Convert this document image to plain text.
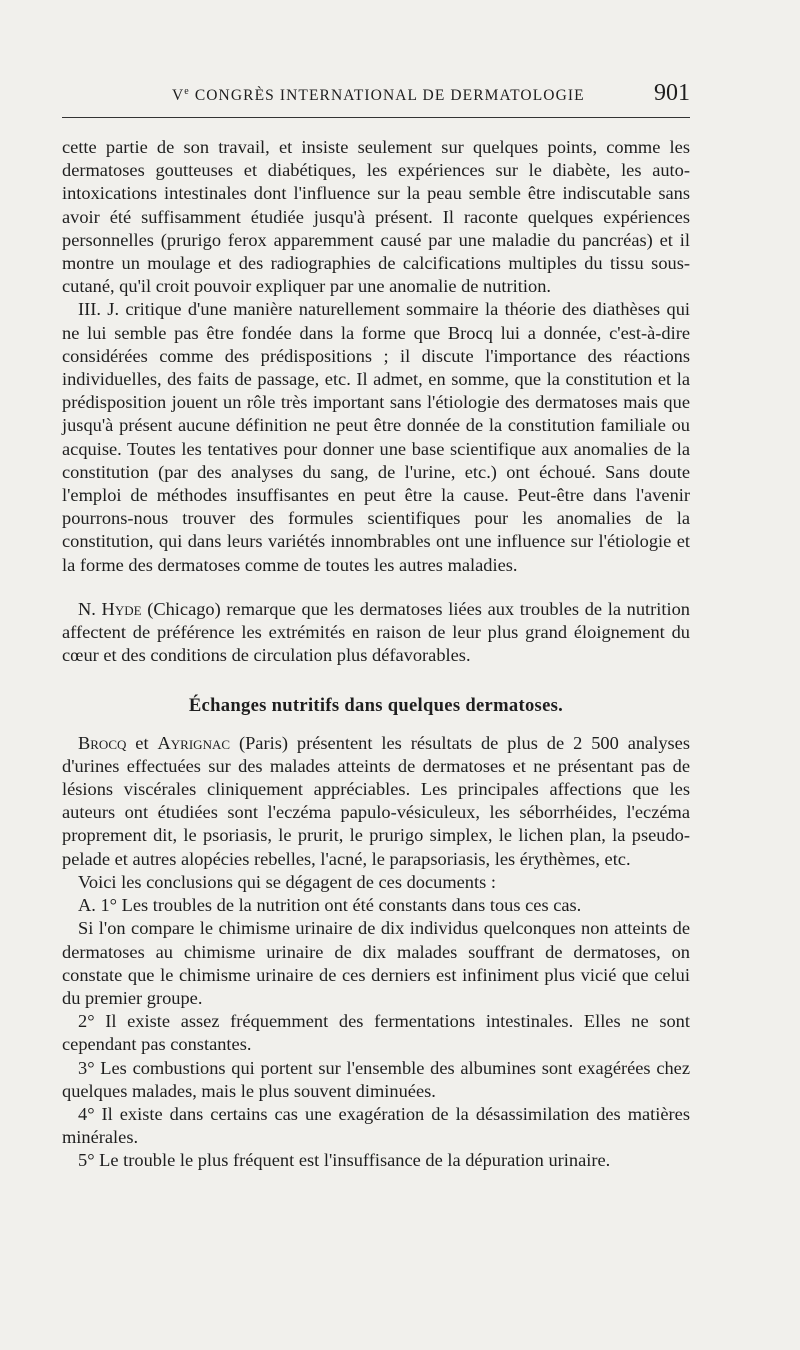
Ve CONGRÈS INTERNATIONAL DE DERMATOLOGIE	901

cette partie de son travail, et insiste seulement sur quelques points, comme les dermatoses goutteuses et diabétiques, les expériences sur le diabète, les auto-intoxications intestinales dont l'influence sur la peau semble être indiscutable sans avoir été suffisamment étudiée jusqu'à présent. Il raconte quelques expériences personnelles (prurigo ferox apparemment causé par une maladie du pancréas) et il montre un moulage et des radiographies de calcifications multiples du tissu sous-cutané, qu'il croit pouvoir expliquer par une anomalie de nutrition.

III. J. critique d'une manière naturellement sommaire la théorie des diathèses qui ne lui semble pas être fondée dans la forme que Brocq lui a donnée, c'est-à-dire considérées comme des prédispositions ; il discute l'importance des réactions individuelles, des faits de passage, etc. Il admet, en somme, que la constitution et la prédisposition jouent un rôle très important sans l'étiologie des dermatoses mais que jusqu'à présent aucune définition ne peut être donnée de la constitution familiale ou acquise. Toutes les tentatives pour donner une base scientifique aux anomalies de la constitution (par des analyses du sang, de l'urine, etc.) ont échoué. Sans doute l'emploi de méthodes insuffisantes en peut être la cause. Peut-être dans l'avenir pourrons-nous trouver des formules scientifiques pour les anomalies de la constitution, qui dans leurs variétés innombrables ont une influence sur l'étiologie et la forme des dermatoses comme de toutes les autres maladies.

N. Hyde (Chicago) remarque que les dermatoses liées aux troubles de la nutrition affectent de préférence les extrémités en raison de leur plus grand éloignement du cœur et des conditions de circulation plus défavorables.

Échanges nutritifs dans quelques dermatoses.

Brocq et Ayrignac (Paris) présentent les résultats de plus de 2 500 analyses d'urines effectuées sur des malades atteints de dermatoses et ne présentant pas de lésions viscérales cliniquement appréciables. Les principales affections que les auteurs ont étudiées sont l'eczéma papulo-vésiculeux, les séborrhéides, l'eczéma proprement dit, le psoriasis, le prurit, le prurigo simplex, le lichen plan, la pseudo-pelade et autres alopécies rebelles, l'acné, le parapsoriasis, les érythèmes, etc.

Voici les conclusions qui se dégagent de ces documents :

A. 1° Les troubles de la nutrition ont été constants dans tous ces cas.

Si l'on compare le chimisme urinaire de dix individus quelconques non atteints de dermatoses au chimisme urinaire de dix malades souffrant de dermatoses, on constate que le chimisme urinaire de ces derniers est infiniment plus vicié que celui du premier groupe.

2° Il existe assez fréquemment des fermentations intestinales. Elles ne sont cependant pas constantes.

3° Les combustions qui portent sur l'ensemble des albumines sont exagérées chez quelques malades, mais le plus souvent diminuées.

4° Il existe dans certains cas une exagération de la désassimilation des matières minérales.

5° Le trouble le plus fréquent est l'insuffisance de la dépuration urinaire.
